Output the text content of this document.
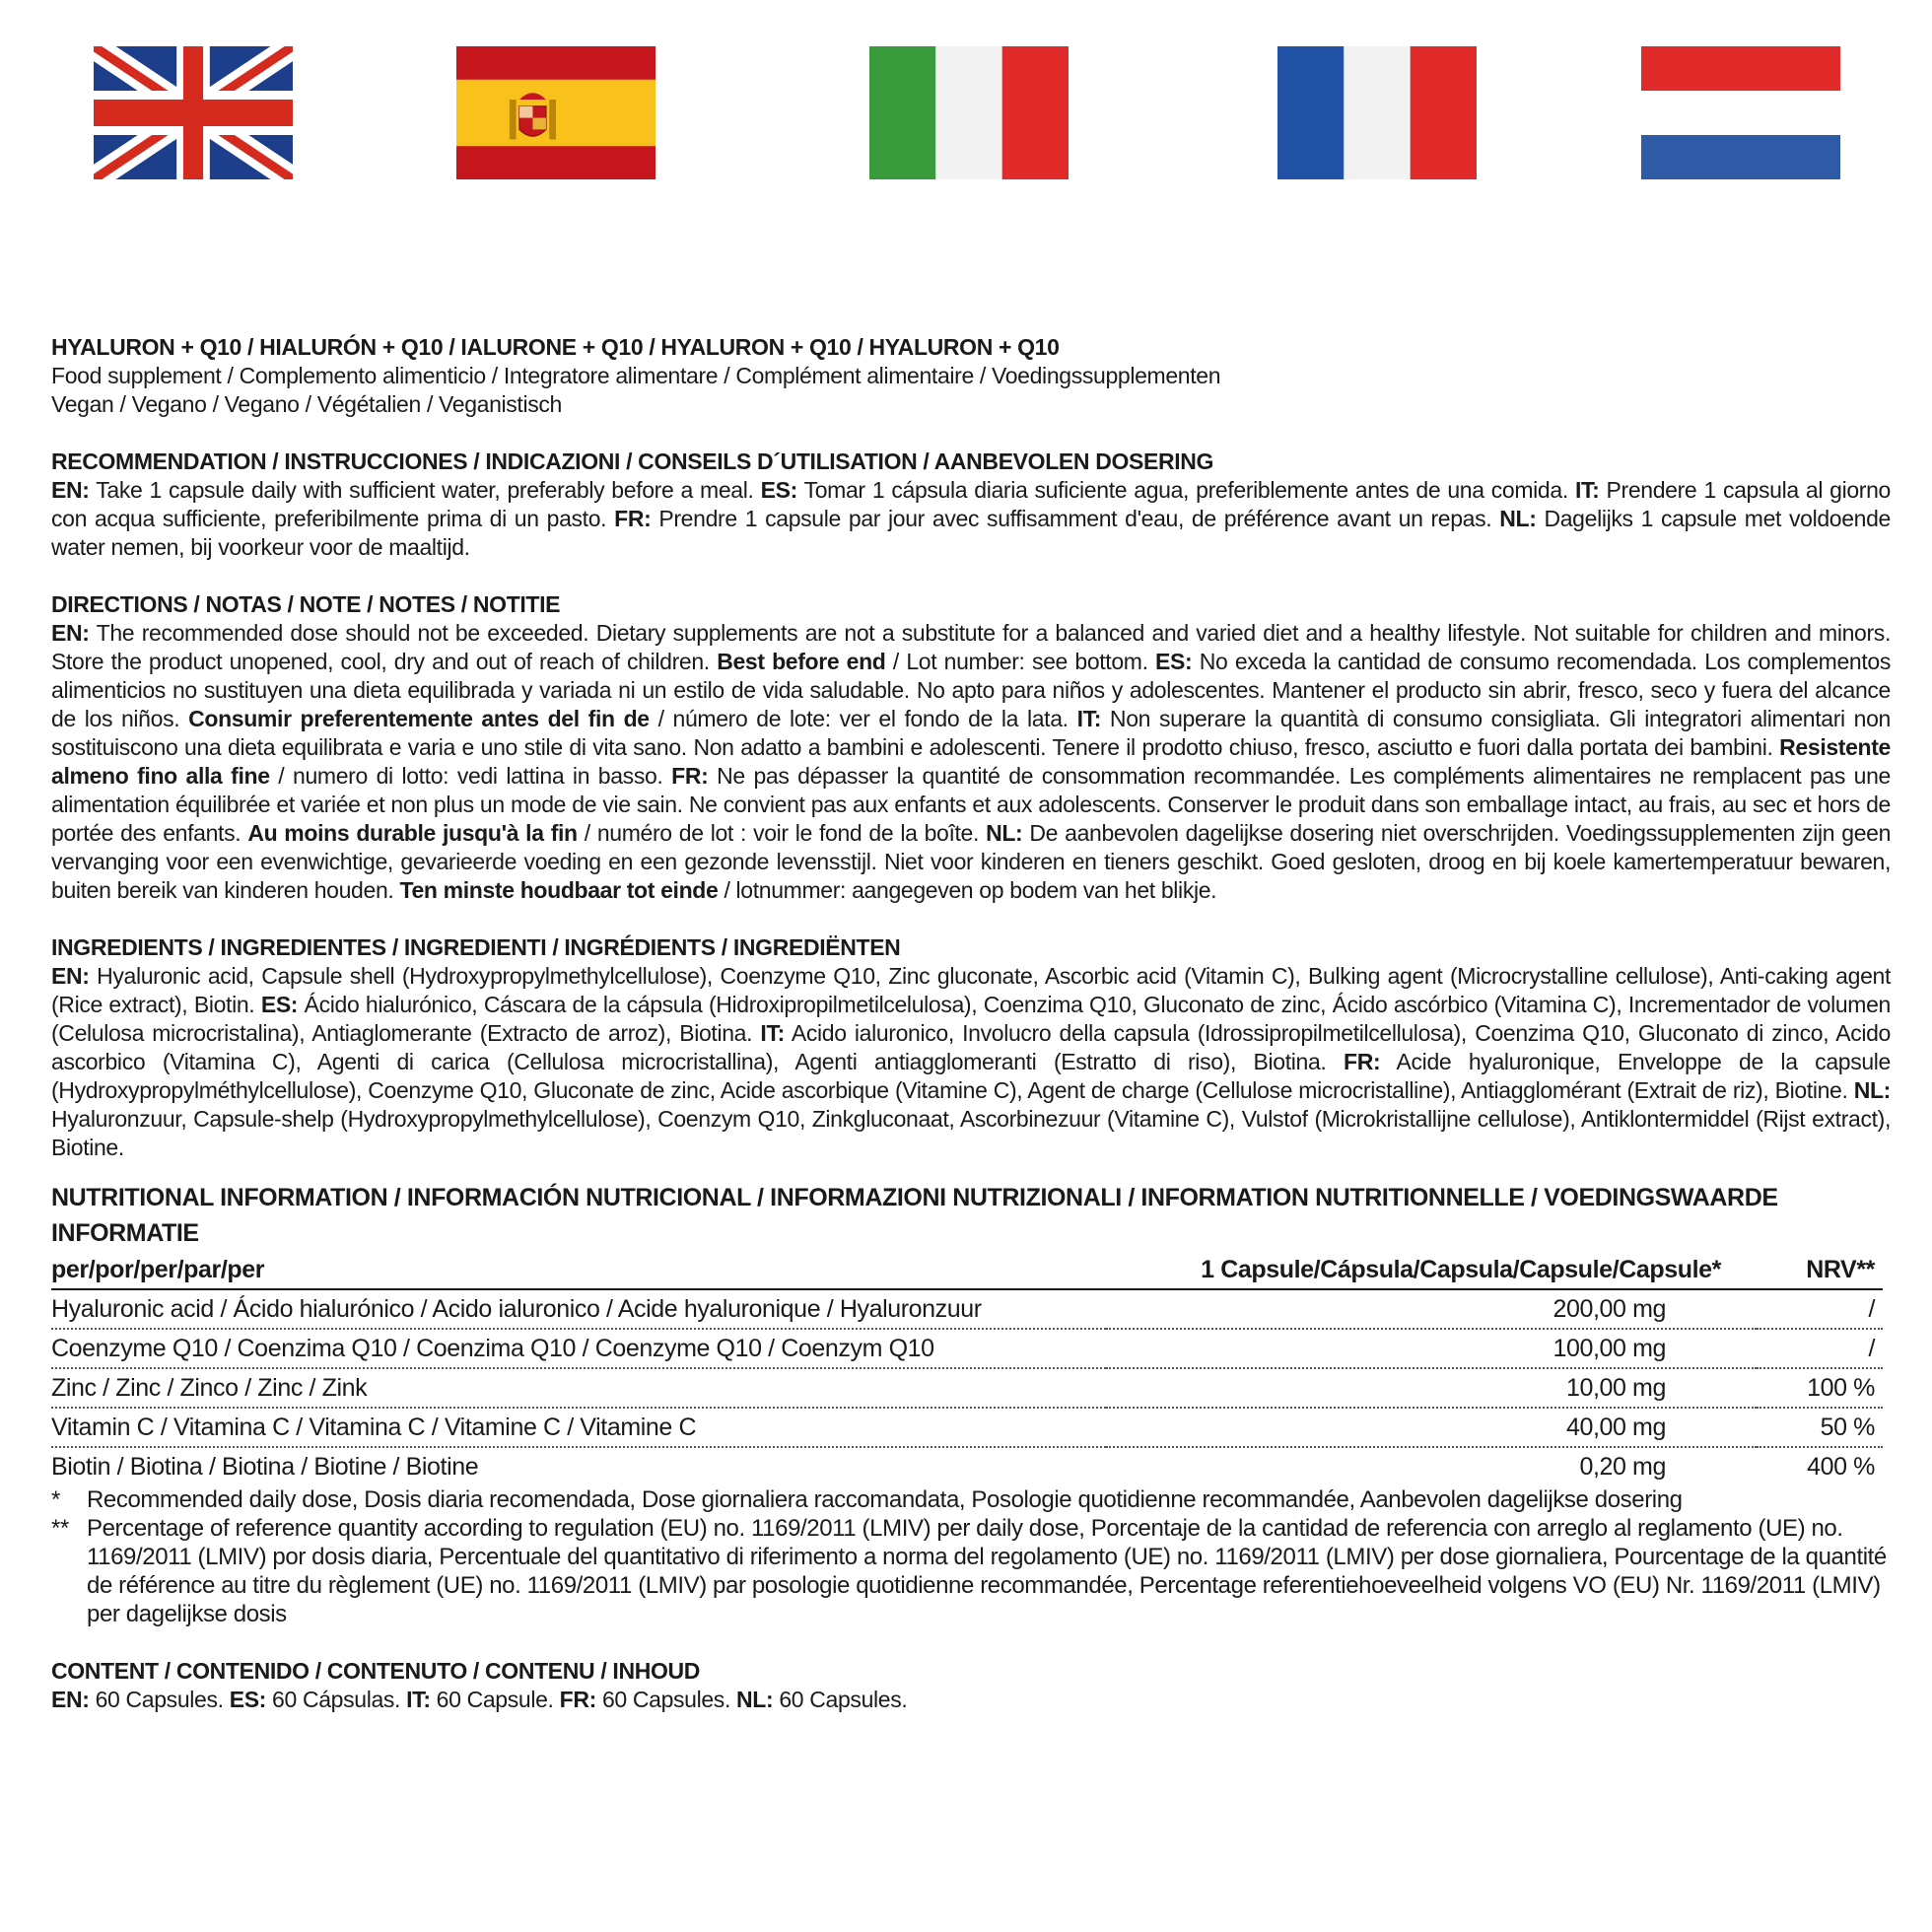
HYALURON + Q10 / HIALURÓN + Q10 / IALURONE + Q10 / HYALURON + Q10 / HYALURON + Q10

Food supplement / Complemento alimenticio / Integratore alimentare / Complément alimentaire / Voedingssupplementen

Vegan / Vegano / Vegano / Végétalien / Veganistisch

RECOMMENDATION / INSTRUCCIONES / INDICAZIONI / CONSEILS D´UTILISATION / AANBEVOLEN DOSERING

EN: Take 1 capsule daily with sufficient water, preferably before a meal. ES: Tomar 1 cápsula diaria suficiente agua, preferiblemente antes de una comida. IT: Prendere 1 capsula al giorno con acqua sufficiente, preferibilmente prima di un pasto. FR: Prendre 1 capsule par jour avec suffisamment d'eau, de préférence avant un repas. NL: Dagelijks 1 capsule met voldoende water nemen, bij voorkeur voor de maaltijd.

DIRECTIONS / NOTAS / NOTE / NOTES / NOTITIE

EN: The recommended dose should not be exceeded. Dietary supplements are not a substitute for a balanced and varied diet and a healthy lifestyle. Not suitable for children and minors. Store the product unopened, cool, dry and out of reach of children. Best before end / Lot number: see bottom. ES: No exceda la cantidad de consumo recomendada. Los complementos alimenticios no sustituyen una dieta equilibrada y variada ni un estilo de vida saludable. No apto para niños y adolescentes. Mantener el producto sin abrir, fresco, seco y fuera del alcance de los niños. Consumir preferentemente antes del fin de / número de lote: ver el fondo de la lata. IT: Non superare la quantità di consumo consigliata. Gli integratori alimentari non sostituiscono una dieta equilibrata e varia e uno stile di vita sano. Non adatto a bambini e adolescenti. Tenere il prodotto chiuso, fresco, asciutto e fuori dalla portata dei bambini. Resistente almeno fino alla fine / numero di lotto: vedi lattina in basso. FR: Ne pas dépasser la quantité de consommation recommandée. Les compléments alimentaires ne remplacent pas une alimentation équilibrée et variée et non plus un mode de vie sain. Ne convient pas aux enfants et aux adolescents. Conserver le produit dans son emballage intact, au frais, au sec et hors de portée des enfants. Au moins durable jusqu'à la fin / numéro de lot : voir le fond de la boîte. NL: De aanbevolen dagelijkse dosering niet overschrijden. Voedingssupplementen zijn geen vervanging voor een evenwichtige, gevarieerde voeding en een gezonde levensstijl. Niet voor kinderen en tieners geschikt. Goed gesloten, droog en bij koele kamertemperatuur bewaren, buiten bereik van kinderen houden. Ten minste houdbaar tot einde / lotnummer: aangegeven op bodem van het blikje.

INGREDIENTS / INGREDIENTES / INGREDIENTI / INGRÉDIENTS / INGREDIËNTEN

EN: Hyaluronic acid, Capsule shell (Hydroxypropylmethylcellulose), Coenzyme Q10, Zinc gluconate, Ascorbic acid (Vitamin C), Bulking agent (Microcrystalline cellulose), Anti-caking agent (Rice extract), Biotin. ES: Ácido hialurónico, Cáscara de la cápsula (Hidroxipropilmetilcelulosa), Coenzima Q10, Gluconato de zinc, Ácido ascórbico (Vitamina C), Incrementador de volumen (Celulosa microcristalina), Antiaglomerante (Extracto de arroz), Biotina. IT: Acido ialuronico, Involucro della capsula (Idrossipropilmetilcellulosa), Coenzima Q10, Gluconato di zinco, Acido ascorbico (Vitamina C), Agenti di carica (Cellulosa microcristallina), Agenti antiagglomeranti (Estratto di riso), Biotina. FR: Acide hyaluronique, Enveloppe de la capsule (Hydroxypropylméthylcellulose), Coenzyme Q10, Gluconate de zinc, Acide ascorbique (Vitamine C), Agent de charge (Cellulose microcristalline), Antiagglomérant (Extrait de riz), Biotine. NL: Hyaluronzuur, Capsule-shelp (Hydroxypropylmethylcellulose), Coenzym Q10, Zinkgluconaat, Ascorbinezuur (Vitamine C), Vulstof (Microkristallijne cellulose), Antiklontermiddel (Rijst extract), Biotine.

NUTRITIONAL INFORMATION / INFORMACIÓN NUTRICIONAL / INFORMAZIONI NUTRIZIONALI / INFORMATION NUTRITIONNELLE / VOEDINGSWAARDE INFORMATIE		
per/por/per/par/per	1 Capsule/Cápsula/Capsula/Capsule/Capsule*	NRV**
Hyaluronic acid / Ácido hialurónico / Acido ialuronico / Acide hyaluronique / Hyaluronzuur	200,00 mg	/
Coenzyme Q10 / Coenzima Q10 / Coenzima Q10 / Coenzyme Q10 / Coenzym Q10	100,00 mg	/
Zinc / Zinc / Zinco / Zinc / Zink	10,00 mg	100 %
Vitamin C / Vitamina C / Vitamina C / Vitamine C / Vitamine C	40,00 mg	50 %
Biotin / Biotina / Biotina / Biotine / Biotine	0,20 mg	400 %
*	Recommended daily dose, Dosis diaria recomendada, Dose giornaliera raccomandata, Posologie quotidienne recommandée, Aanbevolen dagelijkse dosering
** Percentage of reference quantity according to regulation (EU) no. 1169/2011 (LMIV) per daily dose, Porcentaje de la cantidad de referencia con arreglo al reglamento (UE) no. 1169/2011 (LMIV) por dosis diaria, Percentuale del quantitativo di riferimento a norma del regolamento (UE) no. 1169/2011 (LMIV) per dose giornaliera, Pourcentage de la quantité de référence au titre du règlement (UE) no. 1169/2011 (LMIV) par posologie quotidienne recommandée, Percentage referentiehoeveelheid volgens VO (EU) Nr. 1169/2011 (LMIV) per dagelijkse dosis

CONTENT / CONTENIDO / CONTENUTO / CONTENU / INHOUD

EN: 60 Capsules. ES: 60 Cápsulas. IT: 60 Capsule. FR: 60 Capsules. NL: 60 Capsules.
